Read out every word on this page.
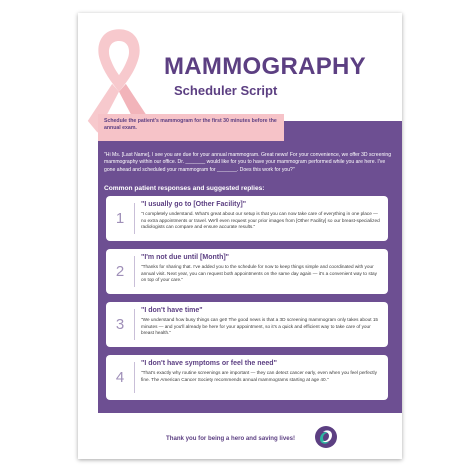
MAMMOGRAPHY
Scheduler Script
Schedule the patient's mammogram for the first 30 minutes before the annual exam.
"Hi Ms. [Last Name], I see you are due for your annual mammogram. Great news! For your convenience, we offer 3D screening mammography within our office. Dr. _______ would like for you to have your mammogram performed while you are here. I've gone ahead and scheduled your mammogram for _______. Does this work for you?"
Common patient responses and suggested replies:
1
"I usually go to [Other Facility]"
"I completely understand. What's great about our setup is that you can now take care of everything in one place — no extra appointments or travel. We'll even request your prior images from [Other Facility] so our breast-specialized radiologists can compare and ensure accurate results."
2
"I'm not due until [Month]"
"Thanks for sharing that. I've added you to the schedule for now to keep things simple and coordinated with your annual visit. Next year, you can request both appointments on the same day again — it's a convenient way to stay on top of your care."
3
"I don't have time"
"We understand how busy things can get! The good news is that a 3D screening mammogram only takes about 15 minutes — and you'll already be here for your appointment, so it's a quick and efficient way to take care of your breast health."
4
"I don't have symptoms or feel the need"
"That's exactly why routine screenings are important — they can detect cancer early, even when you feel perfectly fine. The American Cancer Society recommends annual mammograms starting at age 40."
Thank you for being a hero and saving lives!
